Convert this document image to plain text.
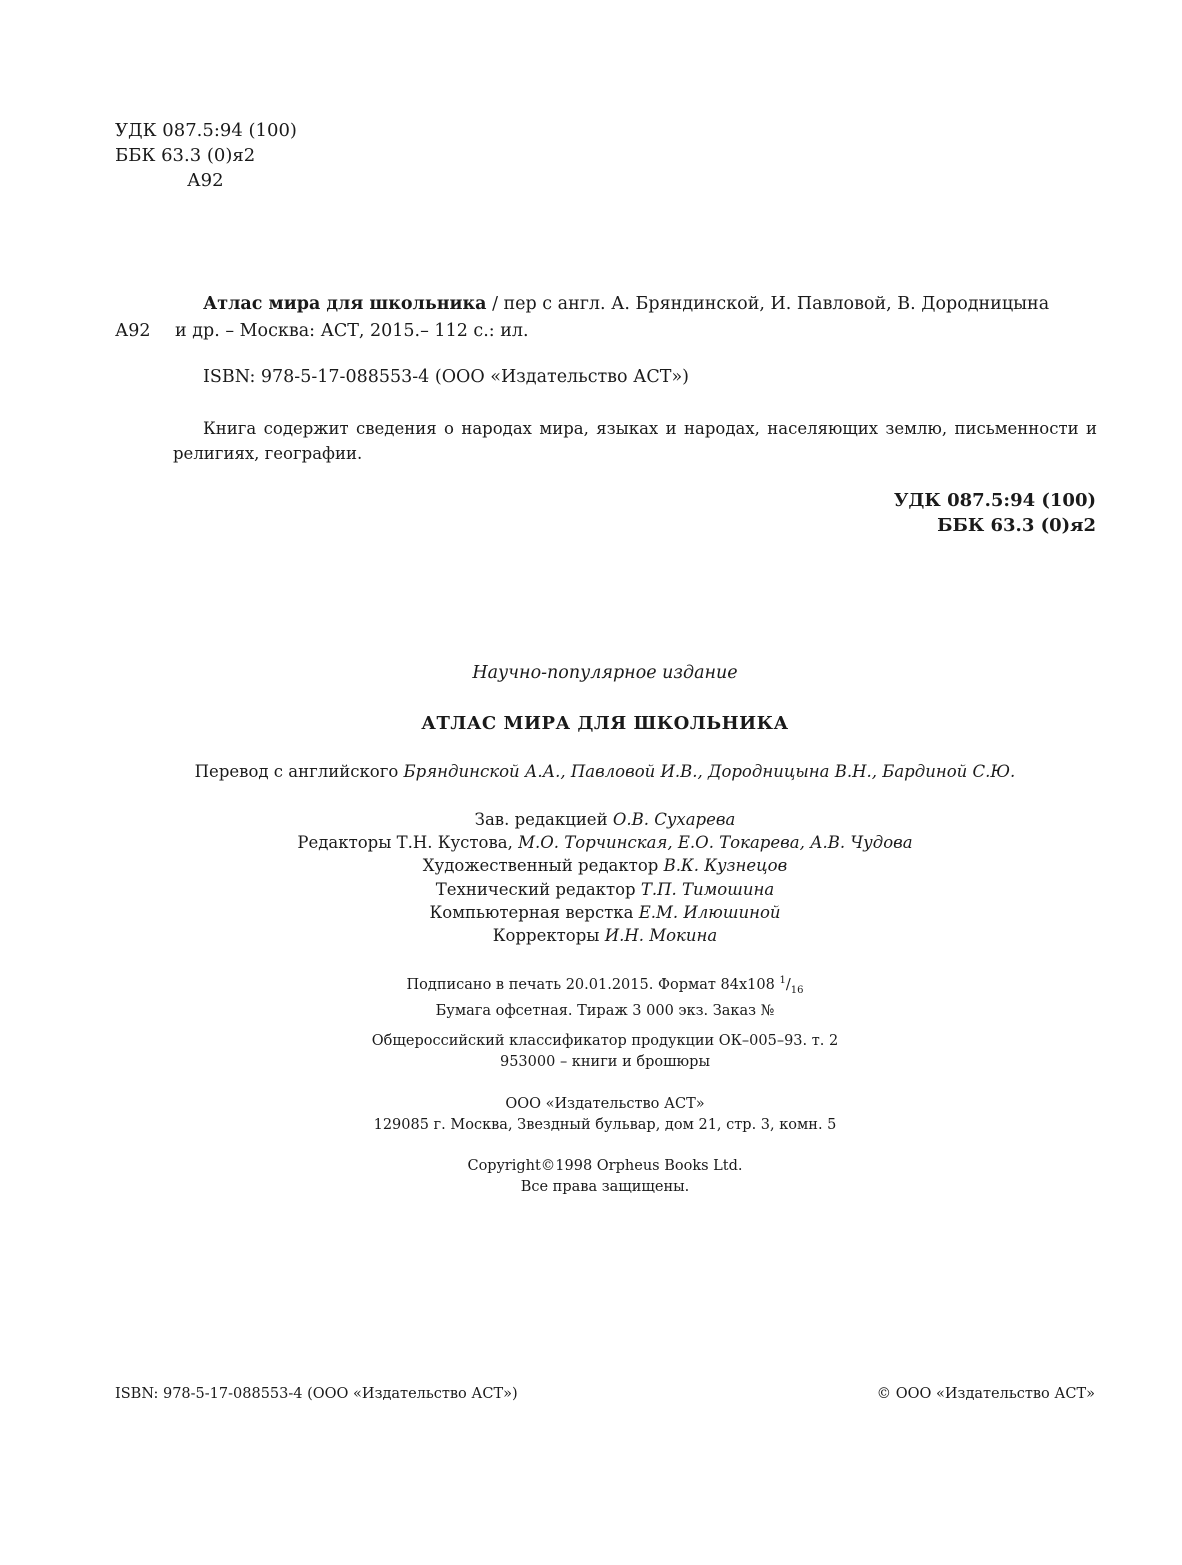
УДК 087.5:94 (100)
ББК 63.3 (0)я2
А92
Атлас мира для школьника / пер с англ. А. Бряндинской, И. Павловой, В. Дородницына
А92 и др. – Москва: АСТ, 2015.– 112 с.: ил.
ISBN: 978-5-17-088553-4 (ООО «Издательство АСТ»)
Книга содержит сведения о народах мира, языках и народах, населяющих землю, письменности и религиях, географии.
УДК 087.5:94 (100)
ББК 63.3 (0)я2
Научно-популярное издание
АТЛАС МИРА ДЛЯ ШКОЛЬНИКА
Перевод с английского Бряндинской А.А., Павловой И.В., Дородницына В.Н., Бардиной С.Ю.
Зав. редакцией О.В. Сухарева
Редакторы Т.Н. Кустова, М.О. Торчинская, Е.О. Токарева, А.В. Чудова
Художественный редактор В.К. Кузнецов
Технический редактор Т.П. Тимошина
Компьютерная верстка Е.М. Илюшиной
Корректоры И.Н. Мокина
Подписано в печать 20.01.2015. Формат 84х108 $^1/_{16}$
Бумага офсетная. Тираж 3 000 экз. Заказ №
Общероссийский классификатор продукции ОК–005–93. т. 2
953000 – книги и брошюры
ООО «Издательство АСТ»
129085 г. Москва, Звездный бульвар, дом 21, стр. 3, комн. 5
Copyright©1998 Orpheus Books Ltd.
Все права защищены.
ISBN: 978-5-17-088553-4 (ООО «Издательство АСТ»)	© ООО «Издательство АСТ»
